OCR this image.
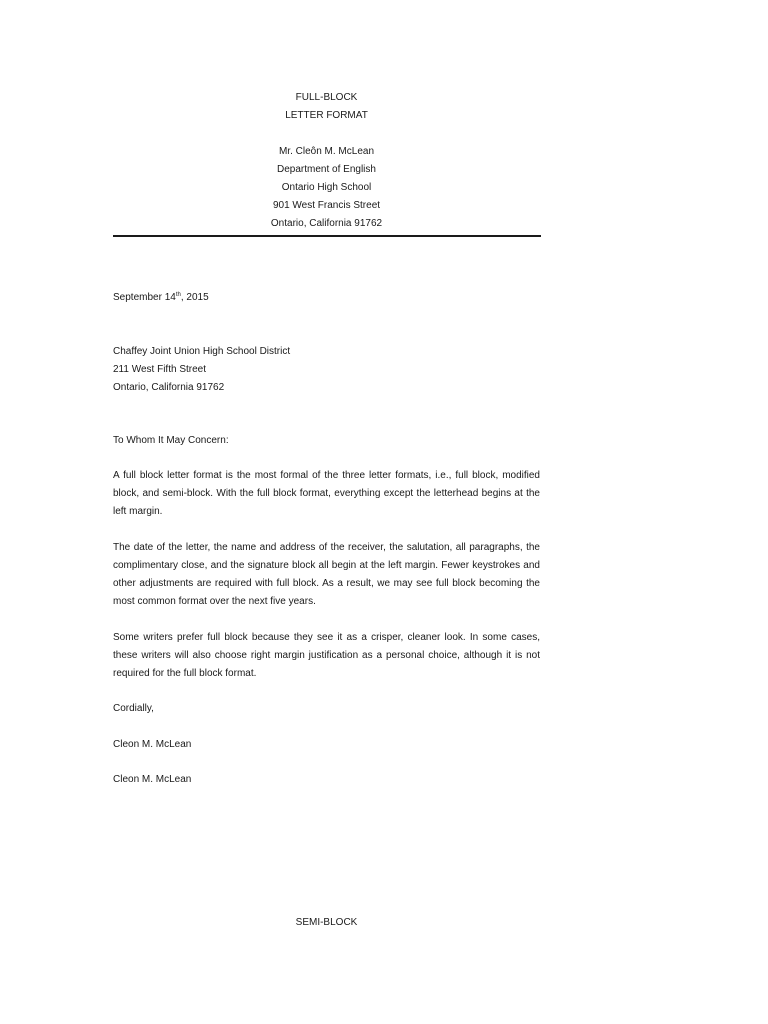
FULL-BLOCK
LETTER FORMAT
Mr. Cleôn M. McLean
Department of English
Ontario High School
901 West Francis Street
Ontario, California 91762
September 14th, 2015
Chaffey Joint Union High School District
211 West Fifth Street
Ontario, California 91762
To Whom It May Concern:
A full block letter format is the most formal of the three letter formats, i.e., full block, modified block, and semi-block. With the full block format, everything except the letterhead begins at the left margin.
The date of the letter, the name and address of the receiver, the salutation, all paragraphs, the complimentary close, and the signature block all begin at the left margin. Fewer keystrokes and other adjustments are required with full block. As a result, we may see full block becoming the most common format over the next five years.
Some writers prefer full block because they see it as a crisper, cleaner look. In some cases, these writers will also choose right margin justification as a personal choice, although it is not required for the full block format.
Cordially,
Cleon M. McLean
Cleon M. McLean
SEMI-BLOCK
